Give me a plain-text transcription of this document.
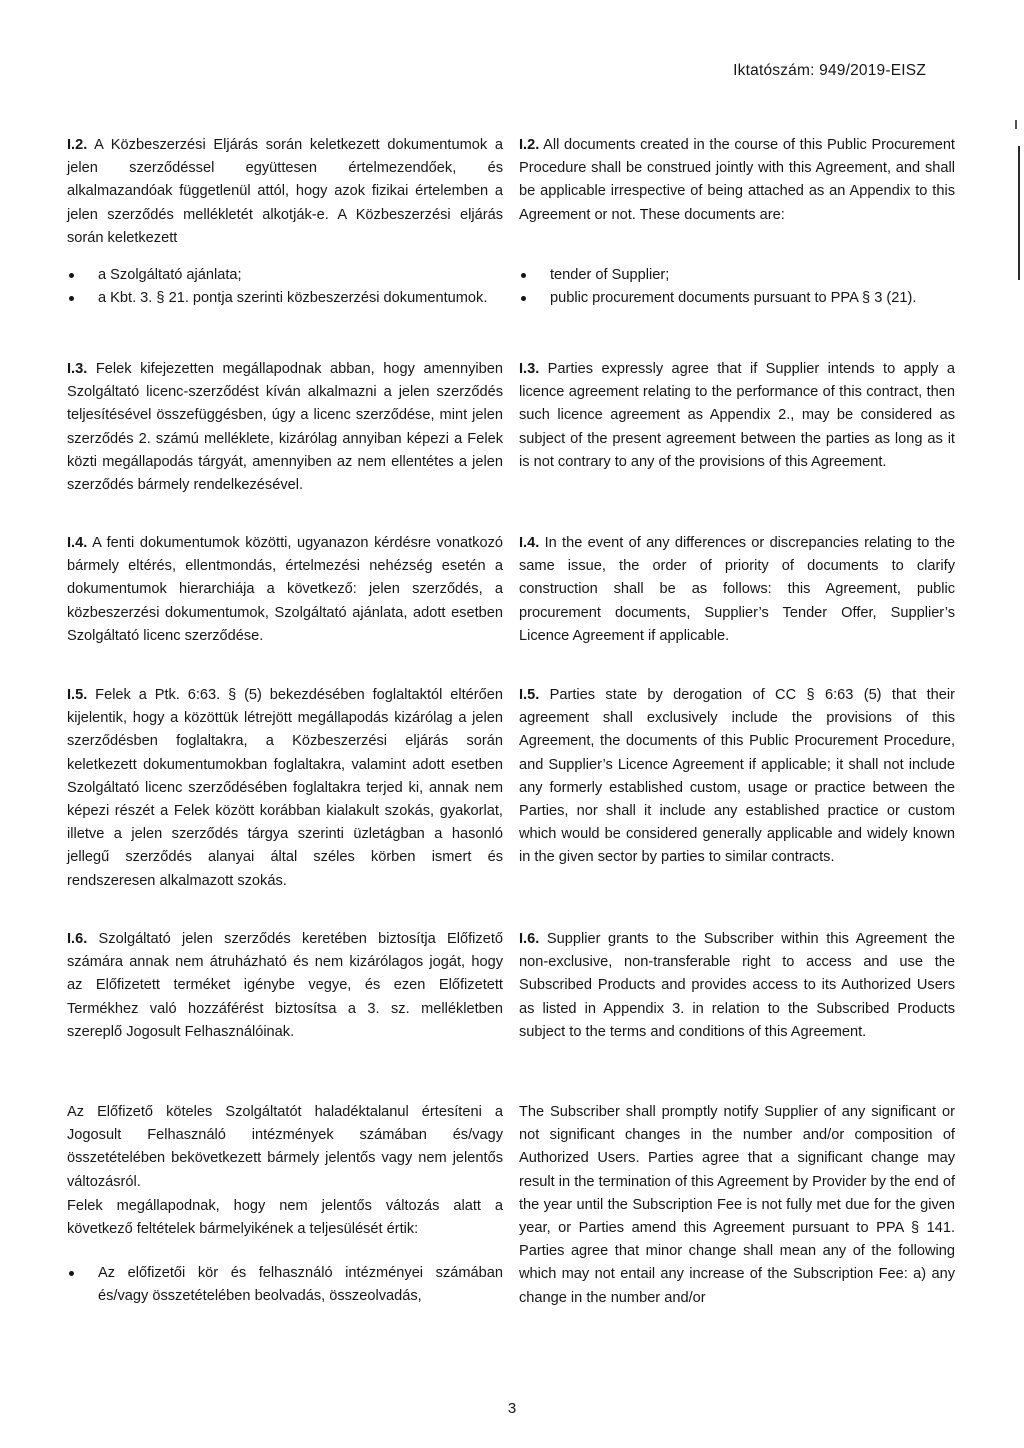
Iktatószám: 949/2019-EISZ

I.2. A Közbeszerzési Eljárás során keletkezett dokumentumok a jelen szerződéssel együttesen értelmezendőek, és alkalmazandóak függetlenül attól, hogy azok fizikai értelemben a jelen szerződés mellékletét alkotják-e. A Közbeszerzési eljárás során keletkezett

a Szolgáltató ajánlata;
a Kbt. 3. § 21. pontja szerinti közbeszerzési dokumentumok.

I.3. Felek kifejezetten megállapodnak abban, hogy amennyiben Szolgáltató licenc-szerződést kíván alkalmazni a jelen szerződés teljesítésével összefüggésben, úgy a licenc szerződése, mint jelen szerződés 2. számú melléklete, kizárólag annyiban képezi a Felek közti megállapodás tárgyát, amennyiben az nem ellentétes a jelen szerződés bármely rendelkezésével.

I.4. A fenti dokumentumok közötti, ugyanazon kérdésre vonatkozó bármely eltérés, ellentmondás, értelmezési nehézség esetén a dokumentumok hierarchiája a következő: jelen szerződés, a közbeszerzési dokumentumok, Szolgáltató ajánlata, adott esetben Szolgáltató licenc szerződése.

I.5. Felek a Ptk. 6:63. § (5) bekezdésében foglaltaktól eltérően kijelentik, hogy a közöttük létrejött megállapodás kizárólag a jelen szerződésben foglaltakra, a Közbeszerzési eljárás során keletkezett dokumentumokban foglaltakra, valamint adott esetben Szolgáltató licenc szerződésében foglaltakra terjed ki, annak nem képezi részét a Felek között korábban kialakult szokás, gyakorlat, illetve a jelen szerződés tárgya szerinti üzletágban a hasonló jellegű szerződés alanyai által széles körben ismert és rendszeresen alkalmazott szokás.

I.6. Szolgáltató jelen szerződés keretében biztosítja Előfizető számára annak nem átruházható és nem kizárólagos jogát, hogy az Előfizetett terméket igénybe vegye, és ezen Előfizetett Termékhez való hozzáférést biztosítsa a 3. sz. mellékletben szereplő Jogosult Felhasználóinak.

Az Előfizető köteles Szolgáltatót haladéktalanul értesíteni a Jogosult Felhasználó intézmények számában és/vagy összetételében bekövetkezett bármely jelentős vagy nem jelentős változásról.

Felek megállapodnak, hogy nem jelentős változás alatt a következő feltételek bármelyikének a teljesülését értik:

Az előfizetői kör és felhasználó intézményei számában és/vagy összetételében beolvadás, összeolvadás,

I.2. All documents created in the course of this Public Procurement Procedure shall be construed jointly with this Agreement, and shall be applicable irrespective of being attached as an Appendix to this Agreement or not. These documents are:

tender of Supplier;
public procurement documents pursuant to PPA § 3 (21).

I.3. Parties expressly agree that if Supplier intends to apply a licence agreement relating to the performance of this contract, then such licence agreement as Appendix 2., may be considered as subject of the present agreement between the parties as long as it is not contrary to any of the provisions of this Agreement.

I.4. In the event of any differences or discrepancies relating to the same issue, the order of priority of documents to clarify construction shall be as follows: this Agreement, public procurement documents, Supplier’s Tender Offer, Supplier’s Licence Agreement if applicable.

I.5. Parties state by derogation of CC § 6:63 (5) that their agreement shall exclusively include the provisions of this Agreement, the documents of this Public Procurement Procedure, and Supplier’s Licence Agreement if applicable; it shall not include any formerly established custom, usage or practice between the Parties, nor shall it include any established practice or custom which would be considered generally applicable and widely known in the given sector by parties to similar contracts.

I.6. Supplier grants to the Subscriber within this Agreement the non-exclusive, non-transferable right to access and use the Subscribed Products and provides access to its Authorized Users as listed in Appendix 3. in relation to the Subscribed Products subject to the terms and conditions of this Agreement.

The Subscriber shall promptly notify Supplier of any significant or not significant changes in the number and/or composition of Authorized Users. Parties agree that a significant change may result in the termination of this Agreement by Provider by the end of the year until the Subscription Fee is not fully met due for the given year, or Parties amend this Agreement pursuant to PPA § 141. Parties agree that minor change shall mean any of the following which may not entail any increase of the Subscription Fee: a) any change in the number and/or

3
